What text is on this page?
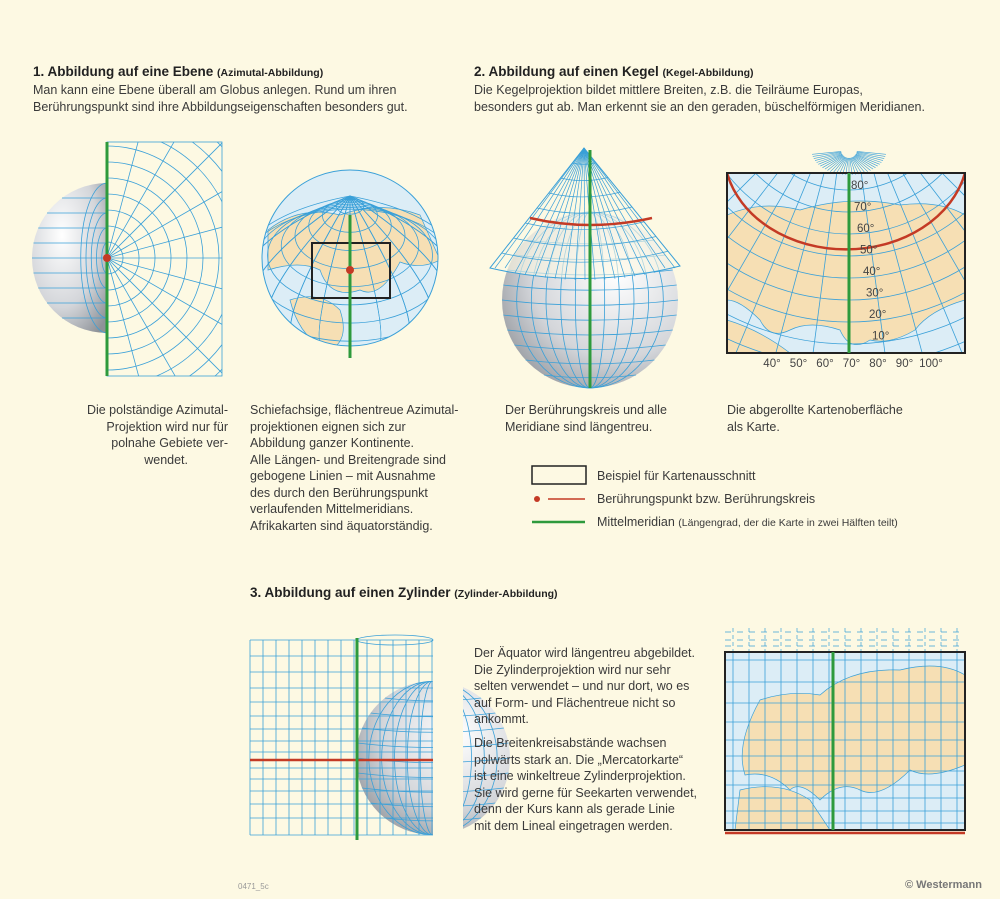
80°
70°
60°
50°
40°
30°
20°
10°
40° 50° 60° 70° 80° 90° 100°
1. Abbildung auf eine Ebene (Azimutal-Abbildung)
Man kann eine Ebene überall am Globus anlegen. Rund um ihren
Berührungspunkt sind ihre Abbildungseigenschaften besonders gut.
Die polständige Azimutal-
Projektion wird nur für
polnahe Gebiete ver-
wendet.
Schiefachsige, flächentreue Azimutal-
projektionen eignen sich zur
Abbildung ganzer Kontinente.
Alle Längen- und Breitengrade sind
gebogene Linien – mit Ausnahme
des durch den Berührungspunkt
verlaufenden Mittelmeridians.
Afrikakarten sind äquatorständig.
2. Abbildung auf einen Kegel (Kegel-Abbildung)
Die Kegelprojektion bildet mittlere Breiten, z.B. die Teilräume Europas,
besonders gut ab. Man erkennt sie an den geraden, büschelförmigen Meridianen.
Der Berührungskreis und alle
Meridiane sind längentreu.
Die abgerollte Kartenoberfläche
als Karte.
Beispiel für Kartenausschnitt
Berührungspunkt bzw. Berührungskreis
Mittelmeridian (Längengrad, der die Karte in zwei Hälften teilt)
3. Abbildung auf einen Zylinder (Zylinder-Abbildung)
Der Äquator wird längentreu abgebildet.
Die Zylinderprojektion wird nur sehr
selten verwendet – und nur dort, wo es
auf Form- und Flächentreue nicht so
ankommt.
Die Breitenkreisabstände wachsen
polwärts stark an. Die „Mercatorkarte“
ist eine winkeltreue Zylinderprojektion.
Sie wird gerne für Seekarten verwendet,
denn der Kurs kann als gerade Linie
mit dem Lineal eingetragen werden.
0471_5c	© Westermann
